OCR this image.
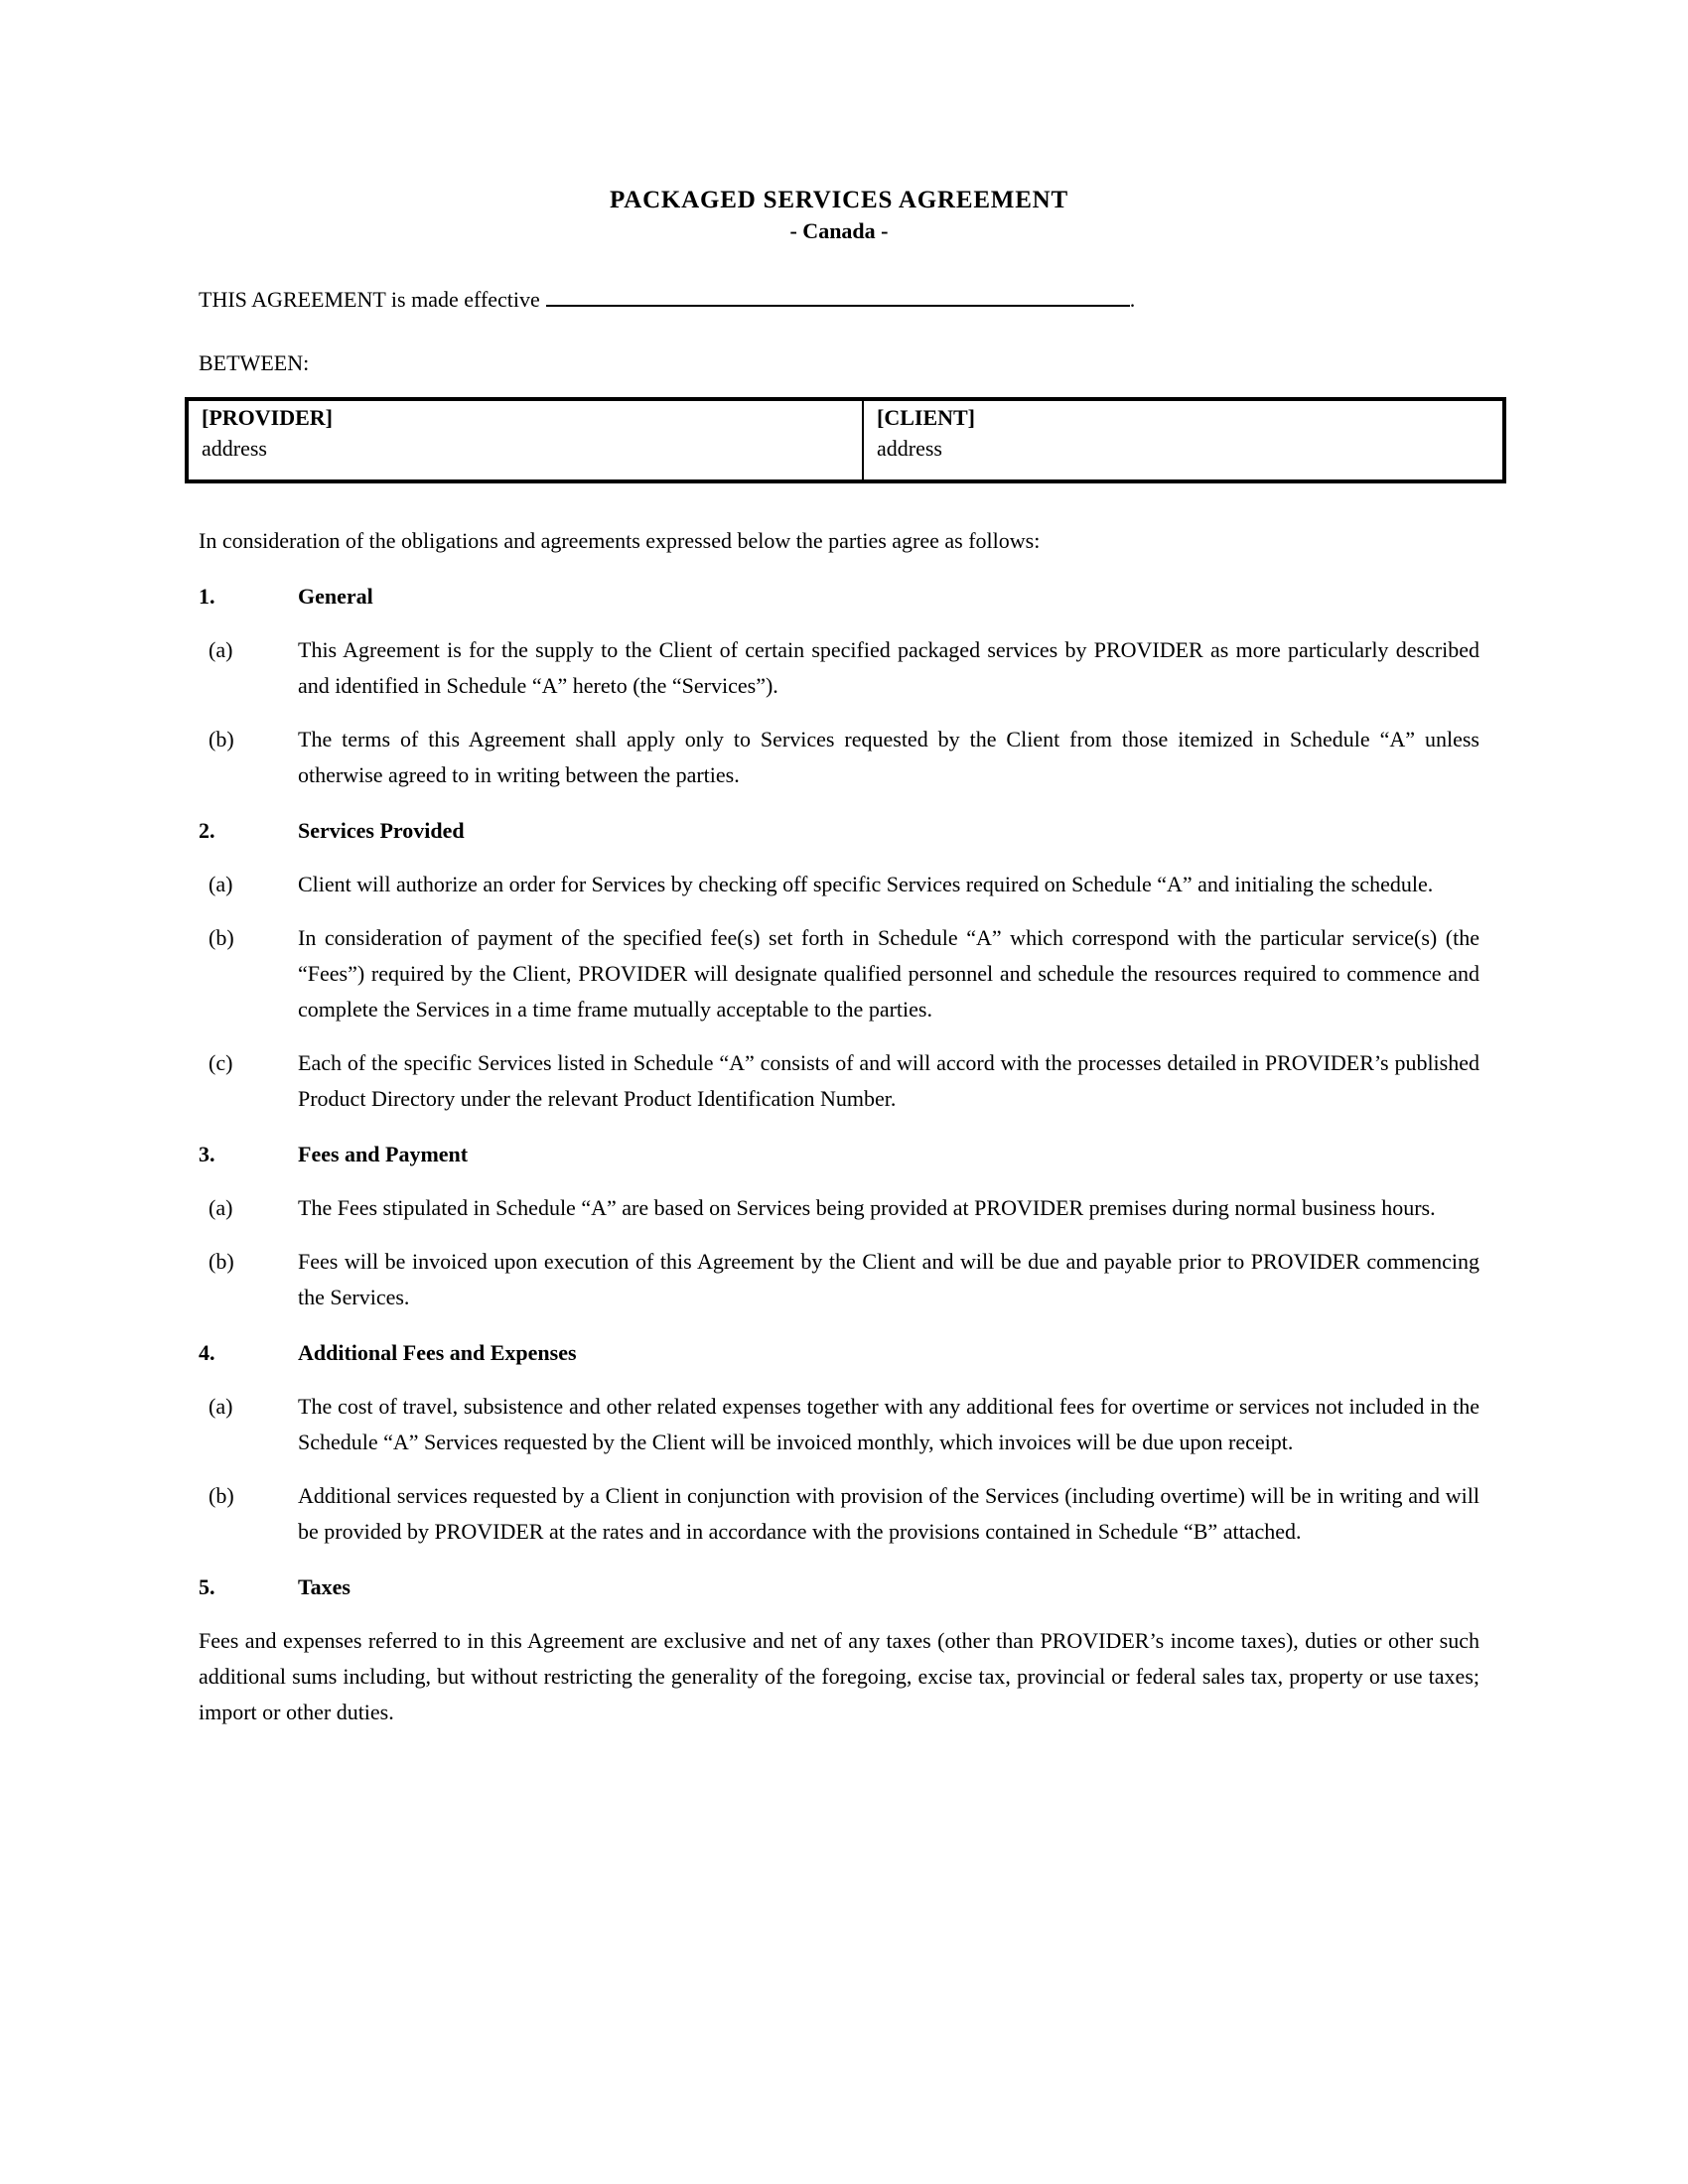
PACKAGED SERVICES AGREEMENT
- Canada -

THIS AGREEMENT is made effective	.

BETWEEN:

[PROVIDER]
address
[CLIENT]
address

In consideration of the obligations and agreements expressed below the parties agree as follows:

1.	General
(a)	This Agreement is for the supply to the Client of certain specified packaged services by PROVIDER as more particularly described and identified in Schedule “A” hereto (the “Services”).
(b)	The terms of this Agreement shall apply only to Services requested by the Client from those itemized in Schedule “A” unless otherwise agreed to in writing between the parties.
2.	Services Provided
(a)	Client will authorize an order for Services by checking off specific Services required on Schedule “A” and initialing the schedule.
(b)	In consideration of payment of the specified fee(s) set forth in Schedule “A” which correspond with the particular service(s) (the “Fees”) required by the Client, PROVIDER will designate qualified personnel and schedule the resources required to commence and complete the Services in a time frame mutually acceptable to the parties.
(c)	Each of the specific Services listed in Schedule “A” consists of and will accord with the processes detailed in PROVIDER’s published Product Directory under the relevant Product Identification Number.
3.	Fees and Payment
(a)	The Fees stipulated in Schedule “A” are based on Services being provided at PROVIDER premises during normal business hours.
(b)	Fees will be invoiced upon execution of this Agreement by the Client and will be due and payable prior to PROVIDER commencing the Services.
4.	Additional Fees and Expenses
(a)	The cost of travel, subsistence and other related expenses together with any additional fees for overtime or services not included in the Schedule “A” Services requested by the Client will be invoiced monthly, which invoices will be due upon receipt.
(b)	Additional services requested by a Client in conjunction with provision of the Services (including overtime) will be in writing and will be provided by PROVIDER at the rates and in accordance with the provisions contained in Schedule “B” attached.
5.	Taxes

Fees and expenses referred to in this Agreement are exclusive and net of any taxes (other than PROVIDER’s income taxes), duties or other such additional sums including, but without restricting the generality of the foregoing, excise tax, provincial or federal sales tax, property or use taxes; import or other duties.
